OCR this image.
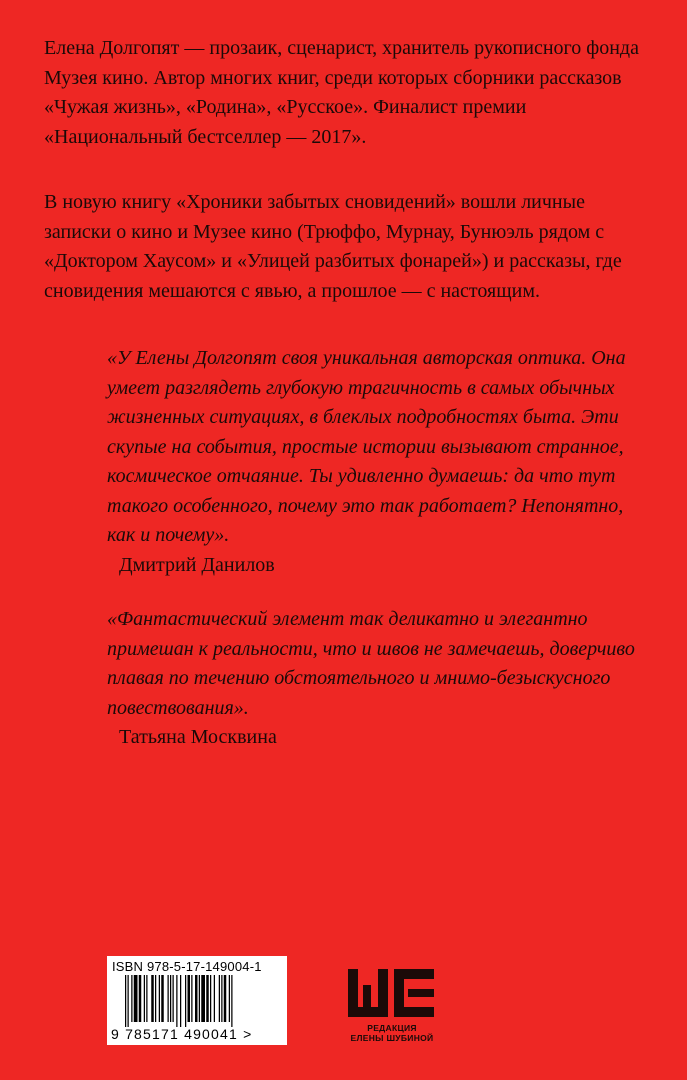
Елена Долгопят — прозаик, сценарист, хранитель рукописного фонда Музея кино. Автор многих книг, среди которых сборники рассказов «Чужая жизнь», «Родина», «Русское». Финалист премии «Национальный бестселлер — 2017».

В новую книгу «Хроники забытых сновидений» вошли личные записки о кино и Музее кино (Трюффо, Мурнау, Бунюэль рядом с «Доктором Хаусом» и «Улицей разбитых фонарей») и рассказы, где сновидения мешаются с явью, а прошлое — с настоящим.

«У Елены Долгопят своя уникальная авторская оптика. Она умеет разглядеть глубокую трагичность в самых обычных жизненных ситуациях, в блеклых подробностях быта. Эти скупые на события, простые истории вызывают странное, космическое отчаяние. Ты удивленно думаешь: да что тут такого особенного, почему это так работает? Непонятно, как и почему».

Дмитрий Данилов

«Фантастический элемент так деликатно и элегантно примешан к реальности, что и швов не замечаешь, доверчиво плавая по течению обстоятельного и мнимо-безыскусного повествования».

Татьяна Москвина

ISBN 978-5-17-149004-1
9 785171 490041 >	РЕДАКЦИЯ
ЕЛЕНЫ ШУБИНОЙ
